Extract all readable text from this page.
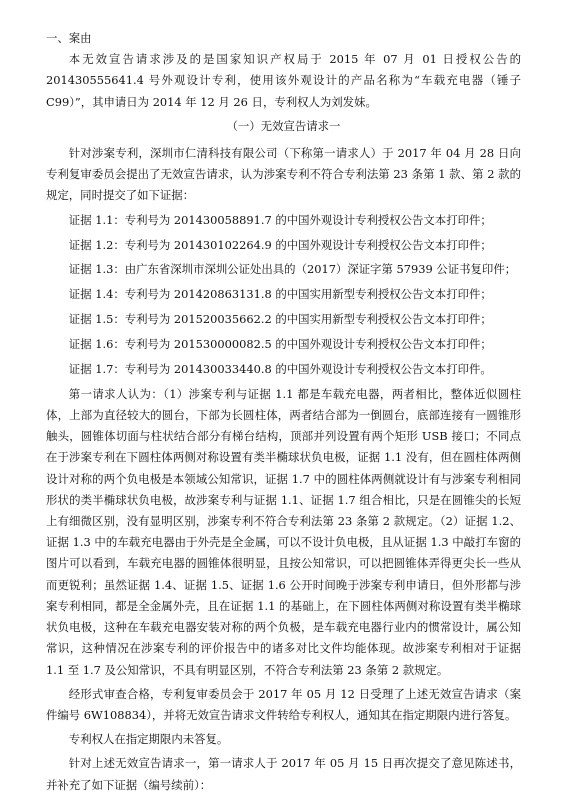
一、案由

本无效宣告请求涉及的是国家知识产权局于 2015 年 07 月 01 日授权公告的 201430555641.4 号外观设计专利，使用该外观设计的产品名称为“车载充电器（锤子 C99）”，其申请日为 2014 年 12 月 26 日，专利权人为刘发妹。

（一）无效宣告请求一

针对涉案专利，深圳市仁清科技有限公司（下称第一请求人）于 2017 年 04 月 28 日向专利复审委员会提出了无效宣告请求，认为涉案专利不符合专利法第 23 条第 1 款、第 2 款的规定，同时提交了如下证据：

证据 1.1：专利号为 201430058891.7 的中国外观设计专利授权公告文本打印件；

证据 1.2：专利号为 201430102264.9 的中国外观设计专利授权公告文本打印件；

证据 1.3：由广东省深圳市深圳公证处出具的（2017）深证字第 57939 公证书复印件；

证据 1.4：专利号为 201420863131.8 的中国实用新型专利授权公告文本打印件；

证据 1.5：专利号为 201520035662.2 的中国实用新型专利授权公告文本打印件；

证据 1.6：专利号为 201530000082.5 的中国外观设计专利授权公告文本打印件；

证据 1.7：专利号为 201430033440.8 的中国外观设计专利授权公告文本打印件。

第一请求人认为：（1）涉案专利与证据 1.1 都是车载充电器，两者相比，整体近似圆柱体，上部为直径较大的圆台，下部为长圆柱体，两者结合部为一倒圆台，底部连接有一圆锥形触头，圆锥体切面与柱状结合部分有梯台结构，顶部并列设置有两个矩形 USB 接口；不同点在于涉案专利在下圆柱体两侧对称设置有类半椭球状负电极，证据 1.1 没有，但在圆柱体两侧设计对称的两个负电极是本领域公知常识，证据 1.7 中的圆柱体两侧就设计有与涉案专利相同形状的类半椭球状负电极，故涉案专利与证据 1.1、证据 1.7 组合相比，只是在圆锥尖的长短上有细微区别，没有显明区别，涉案专利不符合专利法第 23 条第 2 款规定。（2）证据 1.2、证据 1.3 中的车载充电器由于外壳是全金属，可以不设计负电极，且从证据 1.3 中敲打车窗的图片可以看到，车载充电器的圆锥体很明显，且按公知常识，可以把圆锥体弄得更尖长一些从而更锐利；虽然证据 1.4、证据 1.5、证据 1.6 公开时间晚于涉案专利申请日，但外形都与涉案专利相同，都是全金属外壳，且在证据 1.1 的基础上，在下圆柱体两侧对称设置有类半椭球状负电极，这种在车载充电器安装对称的两个负极，是车载充电器行业内的惯常设计，属公知常识，这种情况在涉案专利的评价报告中的诸多对比文件均能体现。故涉案专利相对于证据 1.1 至 1.7 及公知常识，不具有明显区别，不符合专利法第 23 条第 2 款规定。

经形式审查合格，专利复审委员会于 2017 年 05 月 12 日受理了上述无效宣告请求（案件编号 6W108834），并将无效宣告请求文件转给专利权人，通知其在指定期限内进行答复。

专利权人在指定期限内未答复。

针对上述无效宣告请求一，第一请求人于 2017 年 05 月 15 日再次提交了意见陈述书，并补充了如下证据（编号续前）：
